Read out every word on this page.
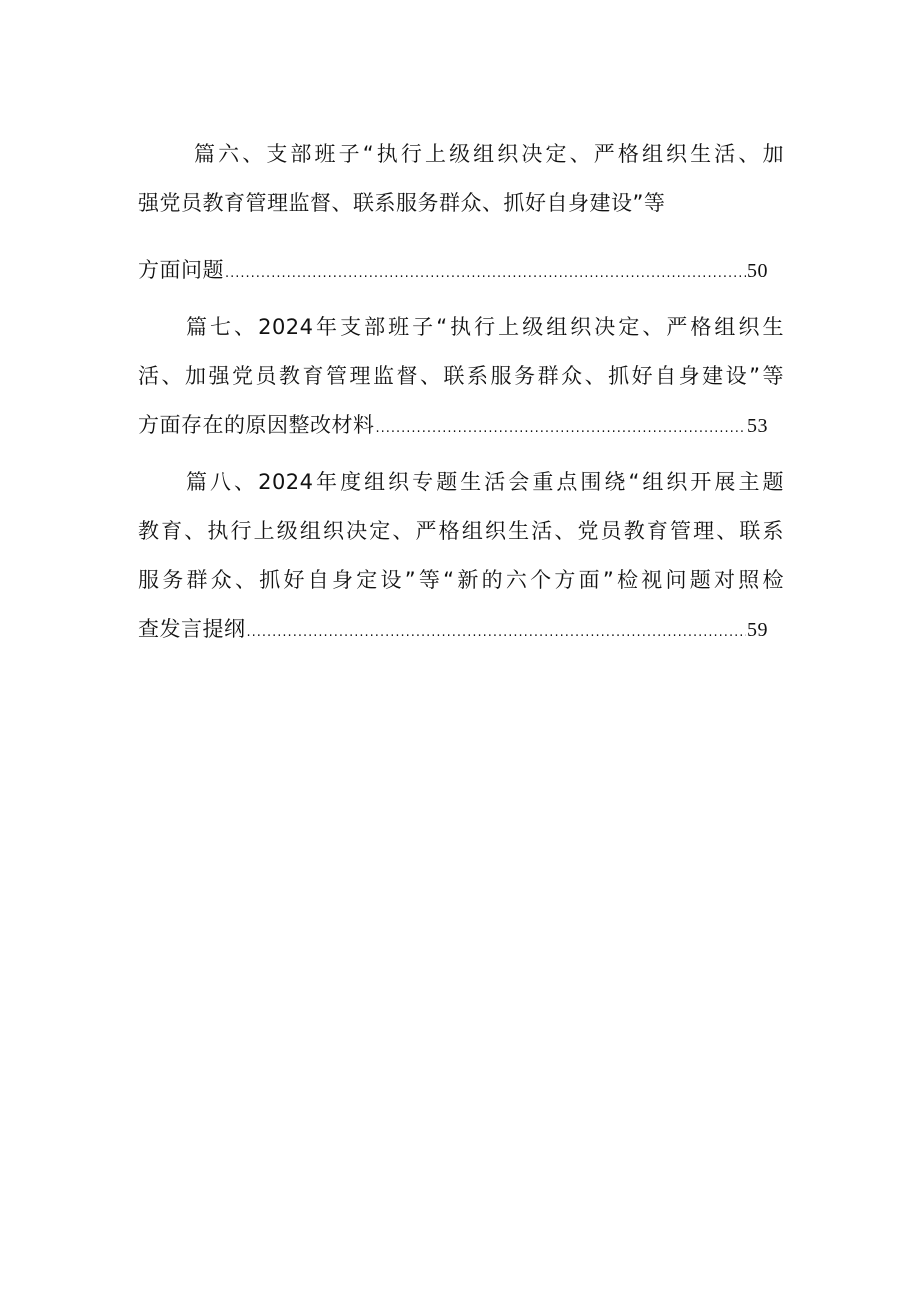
篇六、支部班子“执行上级组织决定、严格组织生活、加
强党员教育管理监督、联系服务群众、抓好自身建设”等
方面问题 .....	50
篇七、2024年支部班子“执行上级组织决定、严格组织生
活、加强党员教育管理监督、联系服务群众、抓好自身建设”等
方面存在的原因整改材料 .....	53
篇八、2024年度组织专题生活会重点围绕“组织开展主题
教育、执行上级组织决定、严格组织生活、党员教育管理、联系
服务群众、抓好自身定设”等“新的六个方面”检视问题对照检
查发言提纲 .....	59
